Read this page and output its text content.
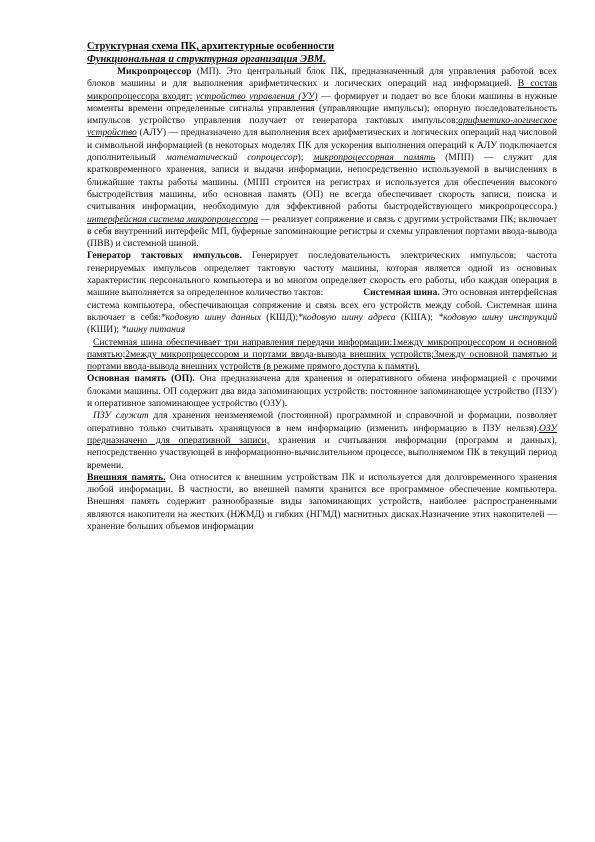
Структурная схема ПК, архитектурные особенности

Функциональная и структурная организация ЭВМ.

Микропроцессор (МП). Это центральный блок ПК, предназначенный для управления работой всех блоков машины и для выполнения арифметических и логических операций над информацией. В состав микропроцессора входят: устройство управления (УУ) — формирует и подает во все блоки машины в нужные моменты времени определенные сигналы управления (управляющие импульсы); опорную последовательность импульсов устройство управления получает от генератора тактовых импульсов;арифметико-логическое устройство (АЛУ) — предназначено для выполнения всех арифметических и логических операций над числовой и символьной информацией (в некоторых моделях ПК для ускорения выполнения операций к АЛУ подключается дополнительный математический сопроцессор); микропроцессорная память (МПП) — служит для кратковременного хранения, записи и выдачи информации, непосредственно используемой в вычислениях в ближайшие такты работы машины. (МПП строится на регистрах и используется для обеспечения высокого быстродействия машины, ибо основная память (ОП) не всегда обеспечивает скорость записи, поиска и считывания информации, необходимую для эффективной работы быстродействующего микропроцессора.) интерфейсная система микропроцессора — реализует сопряжение и связь с другими устройствами ПК; включает в себя внутренний интерфейс МП, буферные запоминающие регистры и схемы управления портами ввода-вывода (ПВВ) и системной шиной.

Генератор тактовых импульсов. Генерирует последовательность электрических импульсов; частота генерируемых импульсов определяет тактовую частоту машины, которая является одной из основных характеристик персонального компьютера и во многом определяет скорость его работы, ибо каждая операция в машине выполняется за определенное количество тактов:	Системная шина. Это основная интерфейсная система компьютера, обеспечивающая сопряжение и связь всех его устройств между собой. Системная шина включает в себя:*кодовую шину данных (КШД);*кодовую шину адреса (КША); *кодовую шину инструкций (КШИ); *шину питания

Системная шина обеспечивает три направления передачи информации:1между микропроцессором и основной памятью;2между микропроцессором и портами ввода-вывода внешних устройств;3между основной памятью и портами ввода-вывода внешних устройств (в режиме прямого доступа к памяти).

Основная память (ОП). Она предназначена для хранения и оперативного обмена информацией с прочими блоками машины. ОП содержит два вида запоминающих устройств: постоянное запоминающее устройство (ПЗУ) и оперативное запоминающее устройство (ОЗУ).

ПЗУ служит для хранения неизменяемой (постоянной) программной и справочной и формации, позволяет оперативно только считывать хранящуюся в нем информацию (изменить информацию в ПЗУ нельзя).ОЗУ предназначено для оперативной записи, хранения и считывания информации (программ и данных), непосредственно участвующей в информационно-вычислительном процессе, выполняемом ПК в текущий период времени.

Внешняя память. Она относится к внешним устройствам ПК и используется для долговременного хранения любой информации. В частности, во внешней памяти хранится все программное обеспечение компьютера. Внешняя память содержит разнообразные виды запоминающих устройств, наиболее распространенными являются накопители на жестких (НЖМД) и гибких (НГМД) магнитных дисках.Назначение этих накопителей — хранение больших объемов информации
